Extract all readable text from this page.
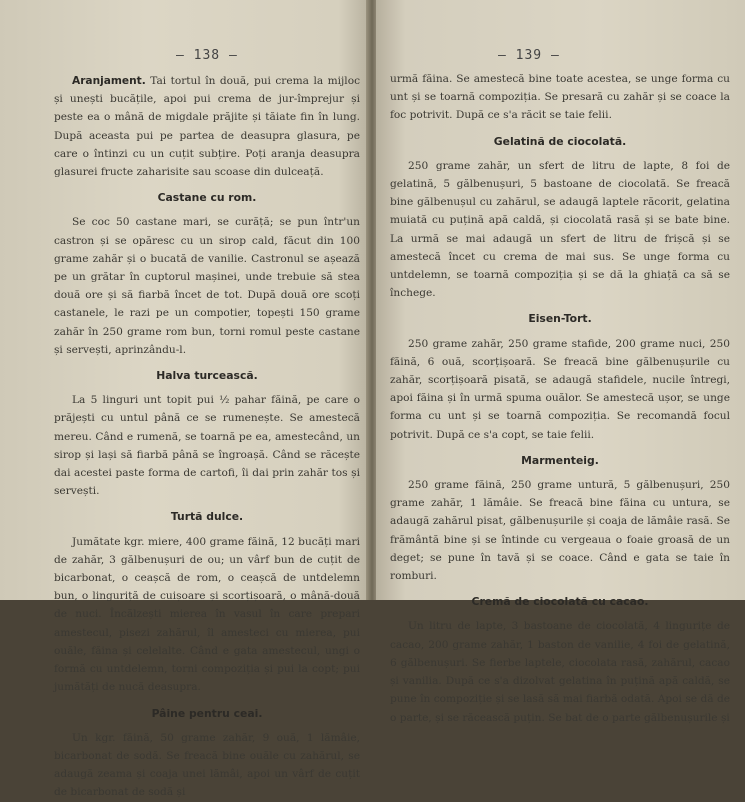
— 138 —

Aranjament. Tai tortul în două, pui crema la mijloc și unești bucățile, apoi pui crema de jur-împrejur și peste ea o mână de migdale prăjite și tăiate fin în lung. După aceasta pui pe partea de deasupra glasura, pe care o întinzi cu un cuțit subțire. Poți aranja deasupra glasurei fructe zaharisite sau scoase din dulceață.

Castane cu rom.

Se coc 50 castane mari, se curăță; se pun într'un castron și se opăresc cu un sirop cald, făcut din 100 grame zahăr și o bucată de vanilie. Castronul se așează pe un grătar în cuptorul mașinei, unde trebuie să stea două ore și să fiarbă încet de tot. După două ore scoți castanele, le razi pe un compotier, topești 150 grame zahăr în 250 grame rom bun, torni romul peste castane și servești, aprinzându-l.

Halva turcească.

La 5 linguri unt topit pui ½ pahar făină, pe care o prăjești cu untul până ce se rumenește. Se amestecă mereu. Când e rumenă, se toarnă pe ea, amestecând, un sirop și lași să fiarbă până se îngroașă. Când se răcește dai acestei paste forma de cartofi, îi dai prin zahăr tos și servești.

Turtă dulce.

Jumătate kgr. miere, 400 grame făină, 12 bucăți mari de zahăr, 3 gălbenușuri de ou; un vârf bun de cuțit de bicarbonat, o ceașcă de rom, o ceașcă de untdelemn bun, o linguriță de cuișoare și scorțișoară, o mână-două de nuci. Încălzești mierea în vasul în care prepari amestecul, pisezi zahărul, îl amesteci cu mierea, pui ouăle, făina și celelalte. Când e gata amestecul, ungi o formă cu untdelemn, torni compoziția și pui la copt; pui jumătăți de nucă deasupra.

Pâine pentru ceai.

Un kgr. făină, 50 grame zahăr, 9 ouă, 1 lămâie, bicarbonat de sodă. Se freacă bine ouăle cu zahărul, se adaugă zeama și coaja unei lămâi, apoi un vârf de cuțit de bicarbonat de sodă și

— 139 —

urmă făina. Se amestecă bine toate acestea, se unge forma cu unt și se toarnă compoziția. Se presară cu zahăr și se coace la foc potrivit. După ce s'a răcit se taie felii.

Gelatină de ciocolată.

250 grame zahăr, un sfert de litru de lapte, 8 foi de gelatină, 5 gălbenușuri, 5 bastoane de ciocolată. Se freacă bine gălbenușul cu zahărul, se adaugă laptele răcorit, gelatina muiată cu puțină apă caldă, și ciocolată rasă și se bate bine. La urmă se mai adaugă un sfert de litru de frișcă și se amestecă încet cu crema de mai sus. Se unge forma cu untdelemn, se toarnă compoziția și se dă la ghiață ca să se închege.

Eisen-Tort.

250 grame zahăr, 250 grame stafide, 200 grame nuci, 250 făină, 6 ouă, scorțișoară. Se freacă bine gălbenușurile cu zahăr, scorțișoară pisată, se adaugă stafidele, nucile întregi, apoi făina și în urmă spuma ouălor. Se amestecă ușor, se unge forma cu unt și se toarnă compoziția. Se recomandă focul potrivit. După ce s'a copt, se taie felii.

Marmenteig.

250 grame făină, 250 grame untură, 5 gălbenușuri, 250 grame zahăr, 1 lămâie. Se freacă bine făina cu untura, se adaugă zahărul pisat, gălbenușurile și coaja de lămâie rasă. Se frământă bine și se întinde cu vergeaua o foaie groasă de un deget; se pune în tavă și se coace. Când e gata se taie în romburi.

Cremă de ciocolată cu cacao.

Un litru de lapte, 3 bastoane de ciocolată, 4 lingurițe de cacao, 200 grame zahăr, 1 baston de vanilie, 4 foi de gelatină, 6 gălbenușuri. Se fierbe laptele, ciocolata rasă, zahărul, cacao și vanilia. După ce s'a dizolvat gelatina în puțină apă caldă, se pune în compoziție și se lasă să mai fiarbă odată. Apoi se dă de o parte, și se răcească puțin. Se bat de o parte gălbenușurile și
